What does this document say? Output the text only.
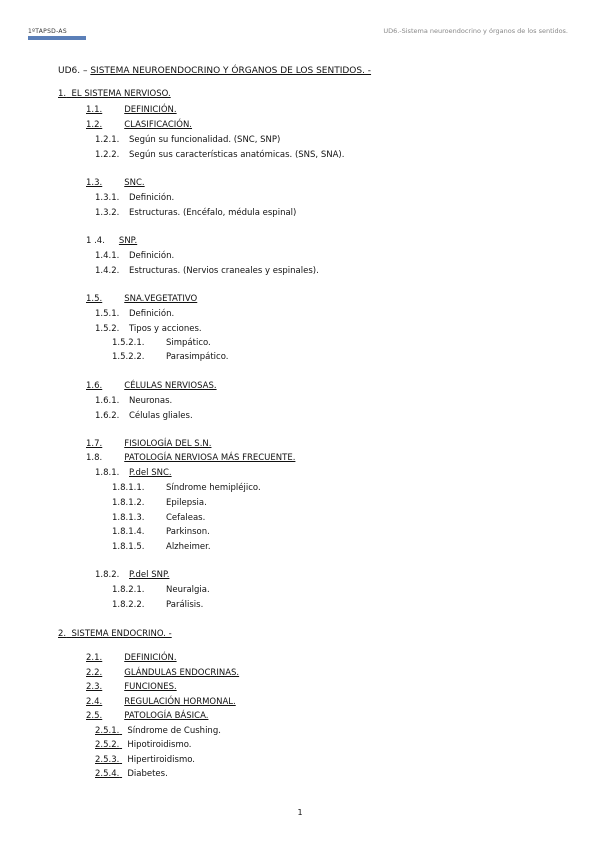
1ºTAPSD-AS	UD6.-Sistema neuroendocrino y órganos de los sentidos.
UD6. – SISTEMA NEUROENDOCRINO Y ÓRGANOS DE LOS SENTIDOS. -
1. EL SISTEMA NERVIOSO.
1.1.	DEFINICIÓN.
1.2.	CLASIFICACIÓN.
1.2.1. Según su funcionalidad. (SNC, SNP)
1.2.2. Según sus características anatómicas. (SNS, SNA).
1.3.	SNC.
1.3.1. Definición.
1.3.2. Estructuras. (Encéfalo, médula espinal)
1 .4. SNP.
1.4.1. Definición.
1.4.2. Estructuras. (Nervios craneales y espinales).
1.5.	SNA.VEGETATIVO
1.5.1. Definición.
1.5.2. Tipos y acciones.
1.5.2.1.	Simpático.
1.5.2.2.	Parasimpático.
1.6.	CÉLULAS NERVIOSAS.
1.6.1. Neuronas.
1.6.2. Células gliales.
1.7.	FISIOLOGÍA DEL S.N.
1.8.	PATOLOGÍA NERVIOSA MÁS FRECUENTE.
1.8.1. P.del SNC.
1.8.1.1.	Síndrome hemipléjico.
1.8.1.2.	Epilepsia.
1.8.1.3.	Cefaleas.
1.8.1.4.	Parkinson.
1.8.1.5.	Alzheimer.
1.8.2. P.del SNP.
1.8.2.1.	Neuralgia.
1.8.2.2.	Parálisis.
2. SISTEMA ENDOCRINO. -
2.1.	DEFINICIÓN.
2.2.	GLÁNDULAS ENDOCRINAS.
2.3.	FUNCIONES.
2.4.	REGULACIÓN HORMONAL.
2.5.	PATOLOGÍA BÁSICA.
2.5.1. Síndrome de Cushing.
2.5.2. Hipotiroidismo.
2.5.3. Hipertiroidismo.
2.5.4. Diabetes.
1
